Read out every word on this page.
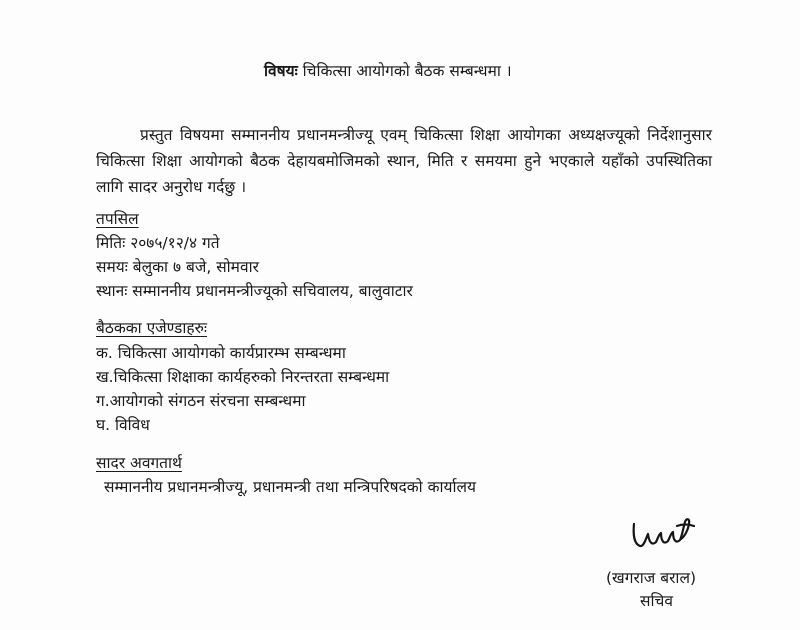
विषयः चिकित्सा आयोगको बैठक सम्बन्धमा ।
प्रस्तुत विषयमा सम्माननीय प्रधानमन्त्रीज्यू एवम् चिकित्सा शिक्षा आयोगका अध्यक्षज्यूको निर्देशानुसार चिकित्सा शिक्षा आयोगको बैठक देहायबमोजिमको स्थान, मिति र समयमा हुने भएकाले यहाँको उपस्थितिका लागि सादर अनुरोध गर्दछु ।
तपसिल
मितिः २०७५/१२/४ गते
समयः बेलुका ७ बजे, सोमवार
स्थानः सम्माननीय प्रधानमन्त्रीज्यूको सचिवालय, बालुवाटार
बैठकका एजेण्डाहरुः
क. चिकित्सा आयोगको कार्यप्रारम्भ सम्बन्धमा
ख.चिकित्सा शिक्षाका कार्यहरुको निरन्तरता सम्बन्धमा
ग.आयोगको संगठन संरचना सम्बन्धमा
घ. विविध
सादर अवगतार्थ
सम्माननीय प्रधानमन्त्रीज्यू, प्रधानमन्त्री तथा मन्त्रिपरिषदको कार्यालय
(खगराज बराल)
सचिव
